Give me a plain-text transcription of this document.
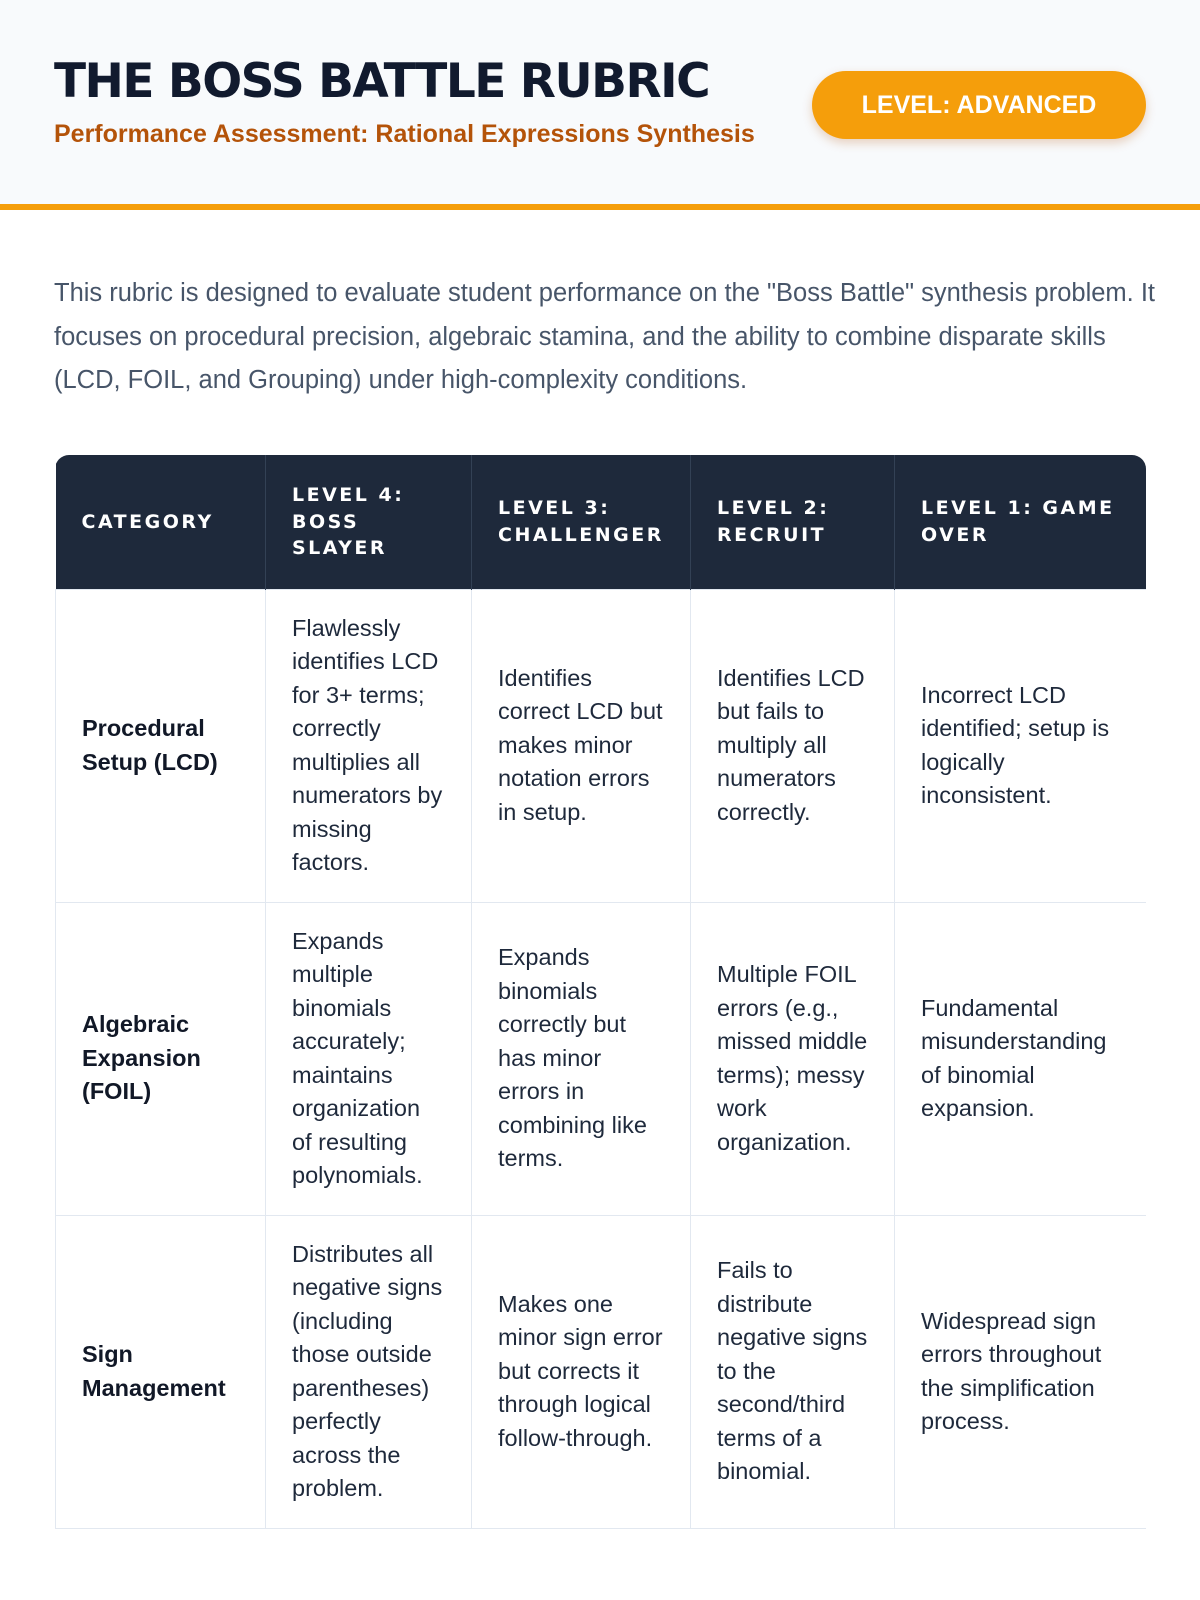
THE BOSS BATTLE RUBRIC

Performance Assessment: Rational Expressions Synthesis

LEVEL: ADVANCED

This rubric is designed to evaluate student performance on the "Boss Battle" synthesis problem. It focuses on procedural precision, algebraic stamina, and the ability to combine disparate skills (LCD, FOIL, and Grouping) under high-complexity conditions.

CATEGORY	LEVEL 4: BOSS SLAYER	LEVEL 3: CHALLENGER	LEVEL 2: RECRUIT	LEVEL 1: GAME OVER
Procedural Setup (LCD)	Flawlessly identifies LCD for 3+ terms; correctly multiplies all numerators by missing factors.	Identifies correct LCD but makes minor notation errors in setup.	Identifies LCD but fails to multiply all numerators correctly.	Incorrect LCD identified; setup is logically inconsistent.
Algebraic Expansion (FOIL)	Expands multiple binomials accurately; maintains organization of resulting polynomials.	Expands binomials correctly but has minor errors in combining like terms.	Multiple FOIL errors (e.g., missed middle terms); messy work organization.	Fundamental misunderstanding of binomial expansion.
Sign Management	Distributes all negative signs (including those outside parentheses) perfectly across the problem.	Makes one minor sign error but corrects it through logical follow-through.	Fails to distribute negative signs to the second/third terms of a binomial.	Widespread sign errors throughout the simplification process.
